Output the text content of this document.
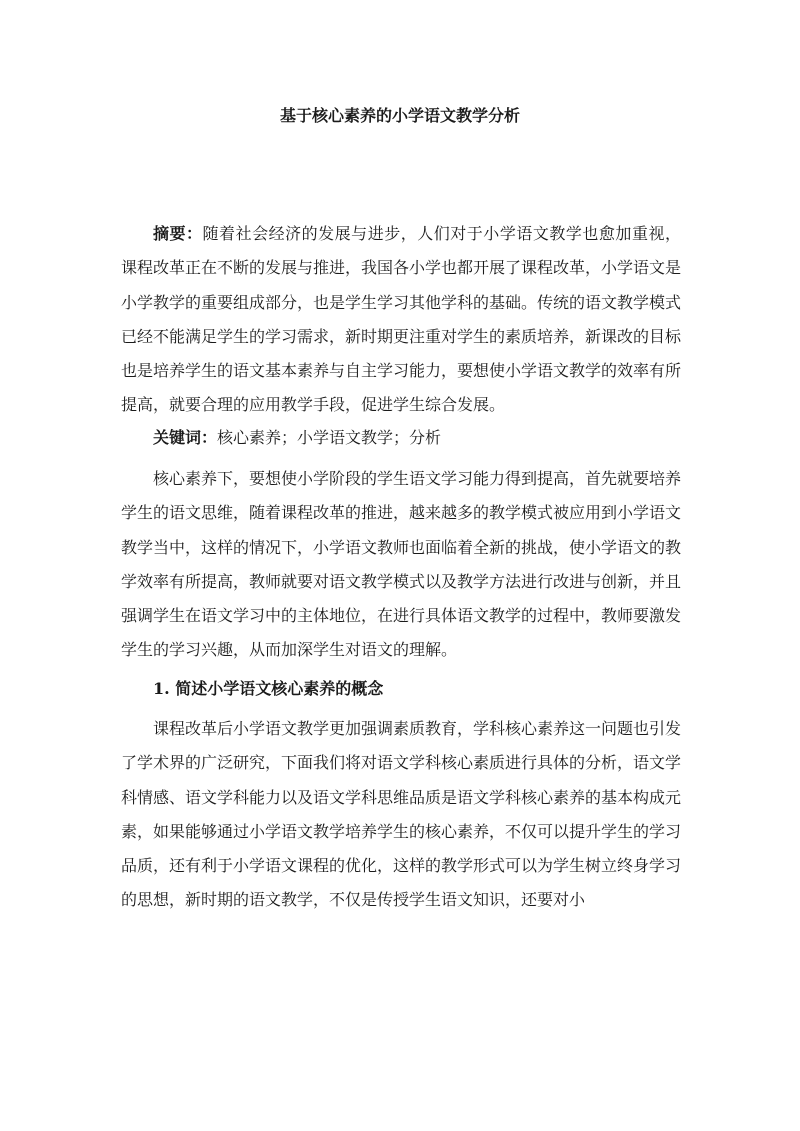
基于核心素养的小学语文教学分析

摘要：随着社会经济的发展与进步，人们对于小学语文教学也愈加重视，课程改革正在不断的发展与推进，我国各小学也都开展了课程改革，小学语文是小学教学的重要组成部分，也是学生学习其他学科的基础。传统的语文教学模式已经不能满足学生的学习需求，新时期更注重对学生的素质培养，新课改的目标也是培养学生的语文基本素养与自主学习能力，要想使小学语文教学的效率有所提高，就要合理的应用教学手段，促进学生综合发展。

关键词：核心素养；小学语文教学；分析

核心素养下，要想使小学阶段的学生语文学习能力得到提高，首先就要培养学生的语文思维，随着课程改革的推进，越来越多的教学模式被应用到小学语文教学当中，这样的情况下，小学语文教师也面临着全新的挑战，使小学语文的教学效率有所提高，教师就要对语文教学模式以及教学方法进行改进与创新，并且强调学生在语文学习中的主体地位，在进行具体语文教学的过程中，教师要激发学生的学习兴趣，从而加深学生对语文的理解。

1. 简述小学语文核心素养的概念

课程改革后小学语文教学更加强调素质教育，学科核心素养这一问题也引发了学术界的广泛研究，下面我们将对语文学科核心素质进行具体的分析，语文学科情感、语文学科能力以及语文学科思维品质是语文学科核心素养的基本构成元素，如果能够通过小学语文教学培养学生的核心素养，不仅可以提升学生的学习品质，还有利于小学语文课程的优化，这样的教学形式可以为学生树立终身学习的思想，新时期的语文教学，不仅是传授学生语文知识，还要对小
